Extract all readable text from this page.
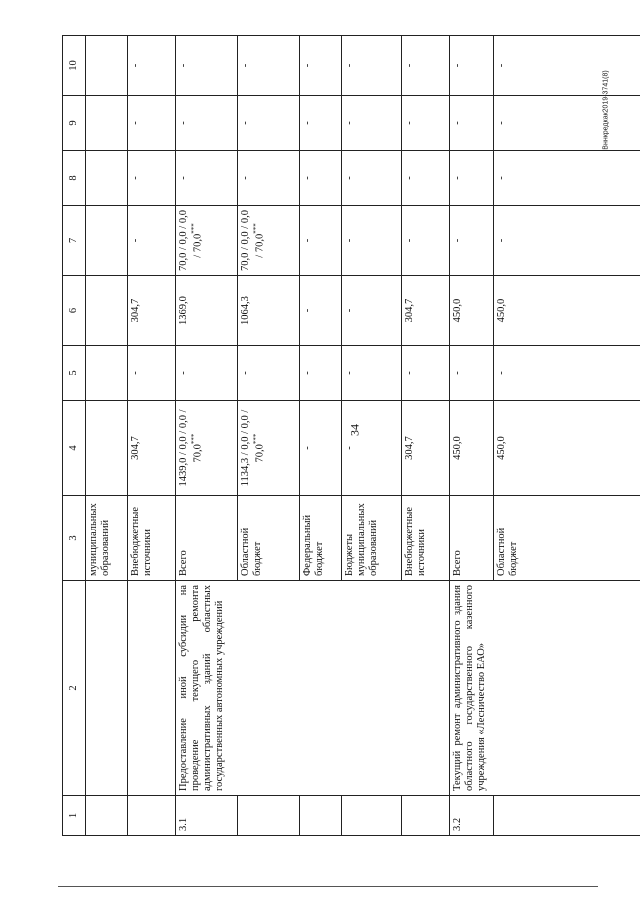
34
Вннкредкак2019-3741(8)
1	2	3	4	5	6	7	8	9	10
		муниципальных образований							
		Внебюджетные источники	304,7	-	304,7	-	-	-	-
3.1	Предоставление иной субсидии на проведение текущего ремонта административных зданий областных государственных автономных учреждений	Всего	1439,0 / 0,0 / 0,0 / 70,0***	-	1369,0	70,0 / 0,0 / 0,0 / 70,0***	-	-	-
		Областной бюджет	1134,3 / 0,0 / 0,0 / 70,0***	-	1064,3	70,0 / 0,0 / 0,0 / 70,0***	-	-	-
		Федеральный бюджет	-	-	-	-	-	-	-
		Бюджеты муниципальных образований	-	-	-	-	-	-	-
		Внебюджетные источники	304,7	-	304,7	-	-	-	-
3.2	Текущий ремонт административного здания областного государственного казенного учреждения «Лесничество ЕАО»	Всего	450,0	-	450,0	-	-	-	-
		Областной бюджет	450,0	-	450,0	-	-	-	-
